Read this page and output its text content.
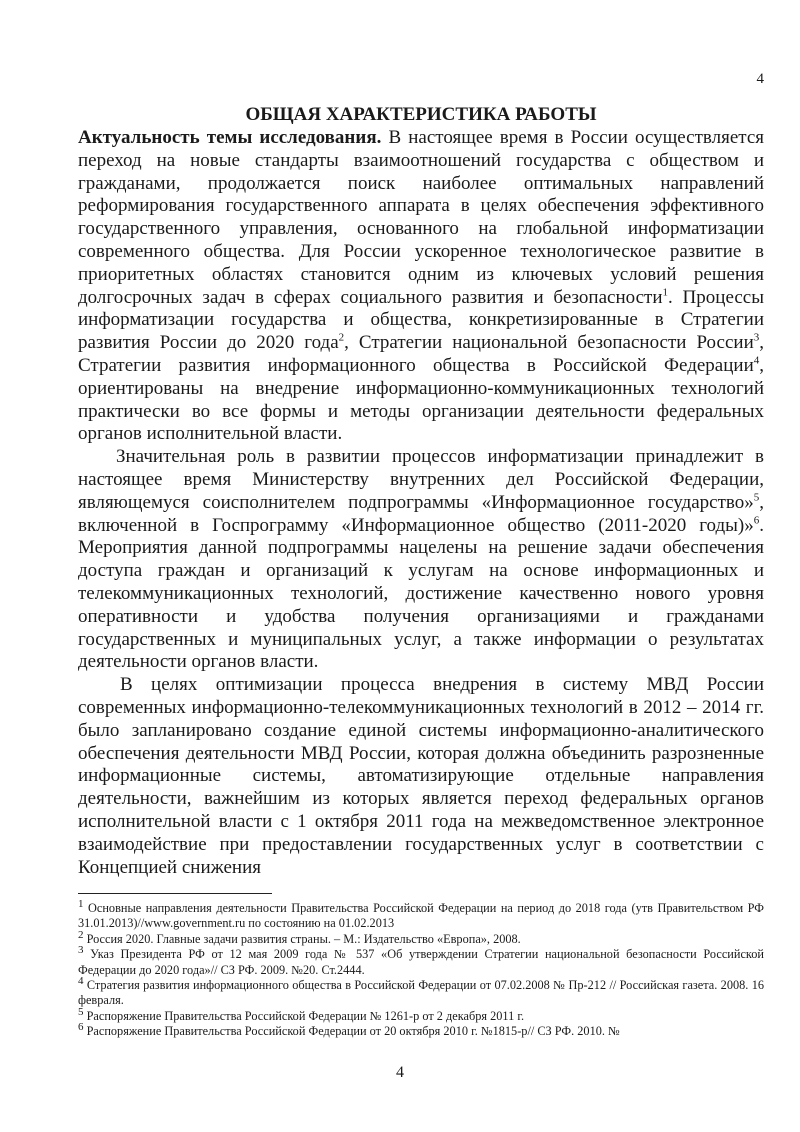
4

ОБЩАЯ ХАРАКТЕРИСТИКА РАБОТЫ

Актуальность темы исследования. В настоящее время в России осуществляется переход на новые стандарты взаимоотношений государства с обществом и гражданами, продолжается поиск наиболее оптимальных направлений реформирования государственного аппарата в целях обеспечения эффективного государственного управления, основанного на глобальной информатизации современного общества. Для России ускоренное технологическое развитие в приоритетных областях становится одним из ключевых условий решения долгосрочных задач в сферах социального развития и безопасности$^1$. Процессы информатизации государства и общества, конкретизированные в Стратегии развития России до 2020 года$^2$, Стратегии национальной безопасности России$^3$, Стратегии развития информационного общества в Российской Федерации$^4$, ориентированы на внедрение информационно-коммуникационных технологий практически во все формы и методы организации деятельности федеральных органов исполнительной власти.

Значительная роль в развитии процессов информатизации принадлежит в настоящее время Министерству внутренних дел Российской Федерации, являющемуся соисполнителем подпрограммы «Информационное государство»$^5$, включенной в Госпрограмму «Информационное общество (2011-2020 годы)»$^6$. Мероприятия данной подпрограммы нацелены на решение задачи обеспечения доступа граждан и организаций к услугам на основе информационных и телекоммуникационных технологий, достижение качественно нового уровня оперативности и удобства получения организациями и гражданами государственных и муниципальных услуг, а также информации о результатах деятельности органов власти.

В целях оптимизации процесса внедрения в систему МВД России современных информационно-телекоммуникационных технологий в 2012 – 2014 гг. было запланировано создание единой системы информационно-аналитического обеспечения деятельности МВД России, которая должна объединить разрозненные информационные системы, автоматизирующие отдельные направления деятельности, важнейшим из которых является переход федеральных органов исполнительной власти с 1 октября 2011 года на межведомственное электронное взаимодействие при предоставлении государственных услуг в соответствии с Концепцией снижения

$^1$ Основные направления деятельности Правительства Российской Федерации на период до 2018 года (утв Правительством РФ 31.01.2013)//www.government.ru по состоянию на 01.02.2013

$^2$ Россия 2020. Главные задачи развития страны. – М.: Издательство «Европа», 2008.

$^3$ Указ Президента РФ от 12 мая 2009 года № 537 «Об утверждении Стратегии национальной безопасности Российской Федерации до 2020 года»// СЗ РФ. 2009. №20. Ст.2444.

$^4$ Стратегия развития информационного общества в Российской Федерации от 07.02.2008 № Пр-212 // Российская газета. 2008. 16 февраля.

$^5$ Распоряжение Правительства Российской Федерации № 1261-р от 2 декабря 2011 г.

$^6$ Распоряжение Правительства Российской Федерации от 20 октября 2010 г. №1815-р// СЗ РФ. 2010. №

4
